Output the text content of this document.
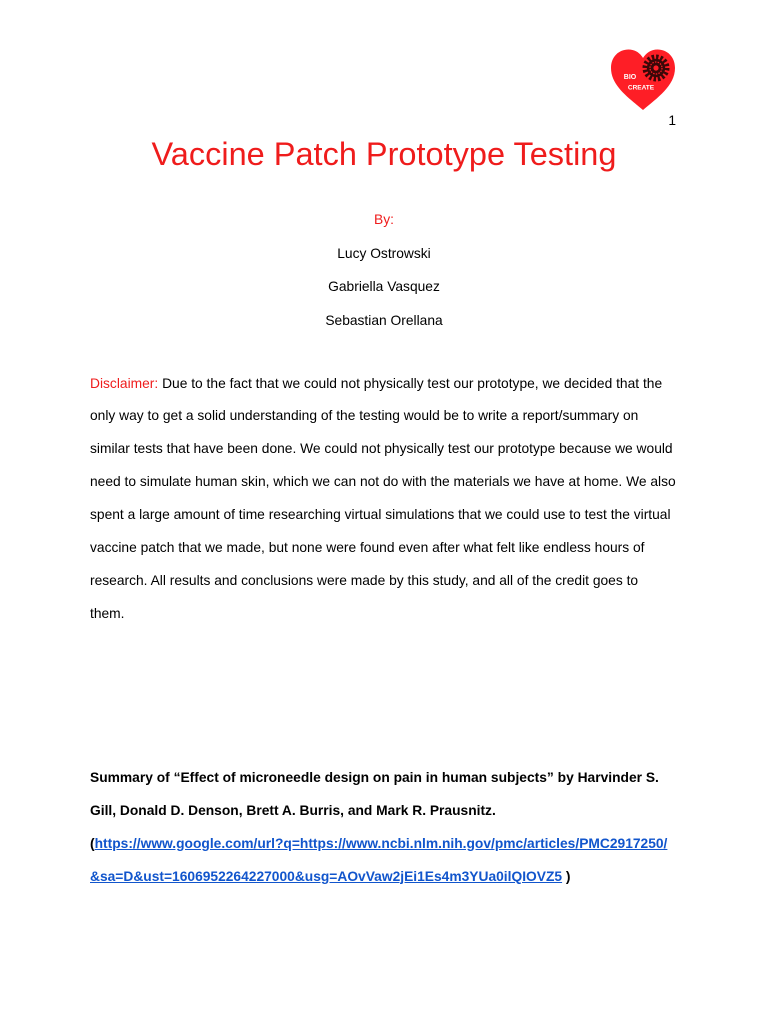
BIO
CREATE
1
Vaccine Patch Prototype Testing
By:
Lucy Ostrowski
Gabriella Vasquez
Sebastian Orellana
Disclaimer: Due to the fact that we could not physically test our prototype, we decided that the
only way to get a solid understanding of the testing would be to write a report/summary on
similar tests that have been done. We could not physically test our prototype because we would
need to simulate human skin, which we can not do with the materials we have at home. We also
spent a large amount of time researching virtual simulations that we could use to test the virtual
vaccine patch that we made, but none were found even after what felt like endless hours of
research. All results and conclusions were made by this study, and all of the credit goes to
them.
Summary of “Effect of microneedle design on pain in human subjects” by Harvinder S.
Gill, Donald D. Denson, Brett A. Burris, and Mark R. Prausnitz.
(https://www.google.com/url?q=https://www.ncbi.nlm.nih.gov/pmc/articles/PMC2917250/
&sa=D&ust=1606952264227000&usg=AOvVaw2jEi1Es4m3YUa0ilQIOVZ5 )
